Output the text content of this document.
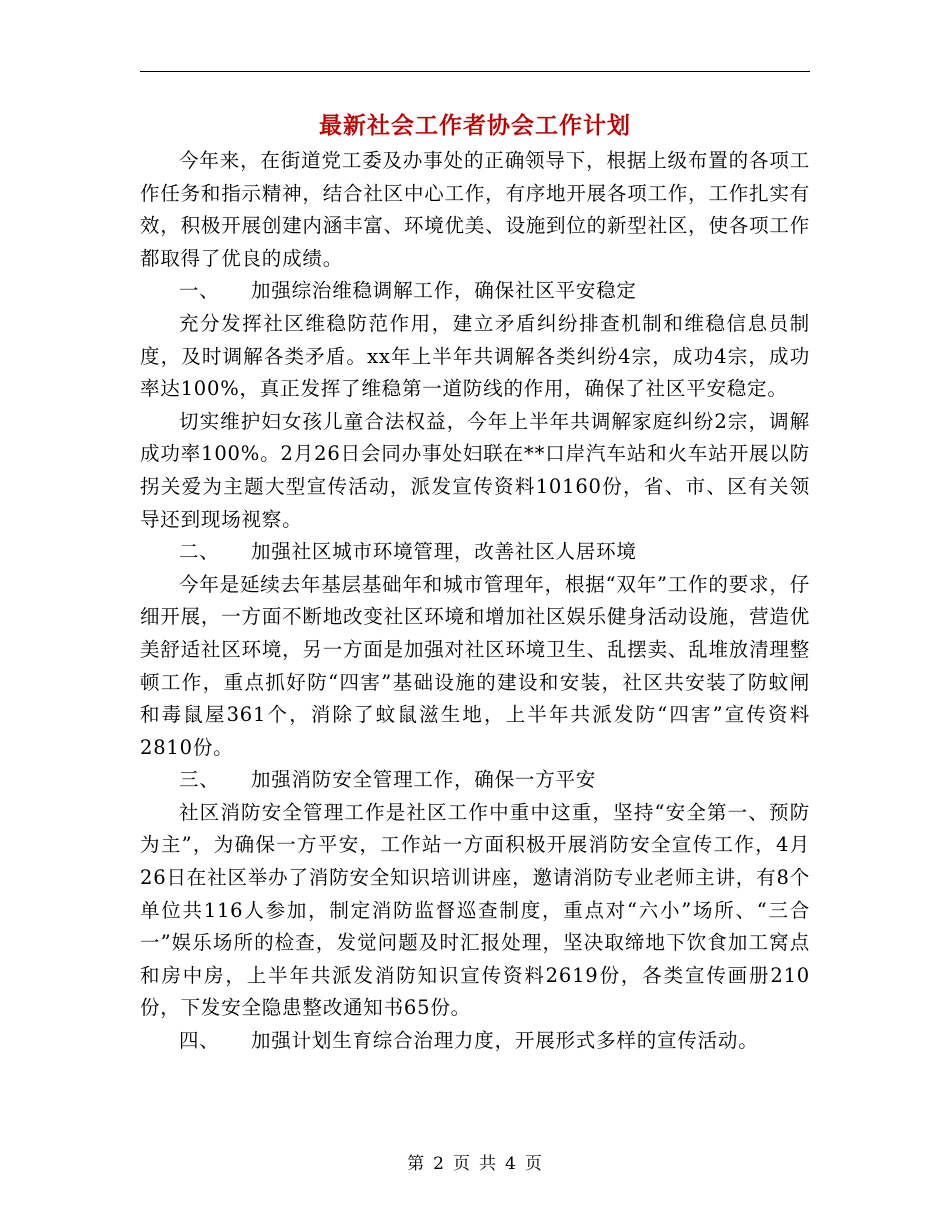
最新社会工作者协会工作计划

今年来，在街道党工委及办事处的正确领导下，根据上级布置的各项工作任务和指示精神，结合社区中心工作，有序地开展各项工作，工作扎实有效，积极开展创建内涵丰富、环境优美、设施到位的新型社区，使各项工作都取得了优良的成绩。

一、 加强综治维稳调解工作，确保社区平安稳定

充分发挥社区维稳防范作用，建立矛盾纠纷排查机制和维稳信息员制度，及时调解各类矛盾。xx年上半年共调解各类纠纷4宗，成功4宗，成功率达100%，真正发挥了维稳第一道防线的作用，确保了社区平安稳定。

切实维护妇女孩儿童合法权益，今年上半年共调解家庭纠纷2宗，调解成功率100%。2月26日会同办事处妇联在**口岸汽车站和火车站开展以防拐关爱为主题大型宣传活动，派发宣传资料10160份，省、市、区有关领导还到现场视察。

二、 加强社区城市环境管理，改善社区人居环境

今年是延续去年基层基础年和城市管理年，根据“双年”工作的要求，仔细开展，一方面不断地改变社区环境和增加社区娱乐健身活动设施，营造优美舒适社区环境，另一方面是加强对社区环境卫生、乱摆卖、乱堆放清理整顿工作，重点抓好防“四害”基础设施的建设和安装，社区共安装了防蚊闸和毒鼠屋361个，消除了蚊鼠滋生地，上半年共派发防“四害”宣传资料2810份。

三、 加强消防安全管理工作，确保一方平安

社区消防安全管理工作是社区工作中重中这重，坚持“安全第一、预防为主”，为确保一方平安，工作站一方面积极开展消防安全宣传工作，4月26日在社区举办了消防安全知识培训讲座，邀请消防专业老师主讲，有8个单位共116人参加，制定消防监督巡查制度，重点对“六小”场所、“三合一”娱乐场所的检查，发觉问题及时汇报处理，坚决取缔地下饮食加工窝点和房中房，上半年共派发消防知识宣传资料2619份，各类宣传画册210份，下发安全隐患整改通知书65份。

四、 加强计划生育综合治理力度，开展形式多样的宣传活动。

第 2 页 共 4 页
